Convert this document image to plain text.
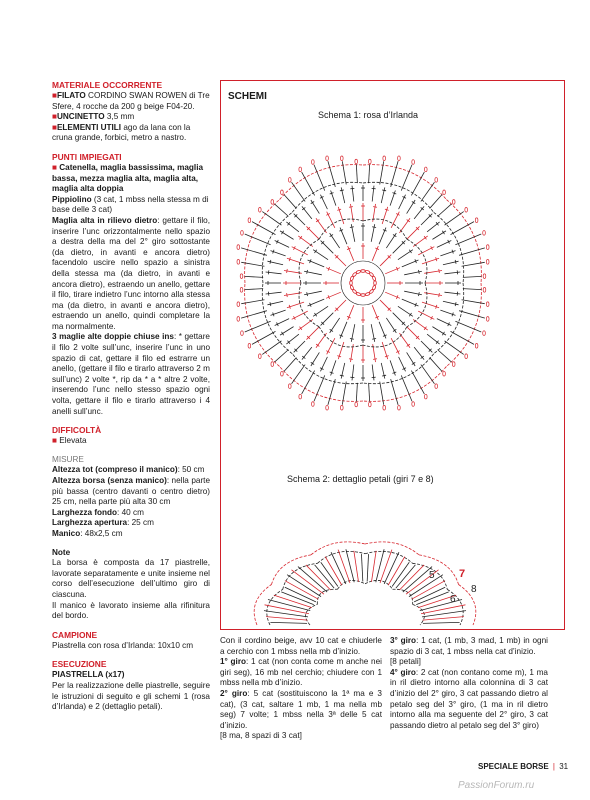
MATERIALE OCCORRENTE

■FILATO CORDINO SWAN ROWEN di Tre Sfere, 4 rocche da 200 g beige F04-20.

■UNCINETTO 3,5 mm

■ELEMENTI UTILI ago da lana con la cruna grande, forbici, metro a nastro.

PUNTI IMPIEGATI

■ Catenella, maglia bassissima, maglia bassa, mezza maglia alta, maglia alta, maglia alta doppia

Pippiolino (3 cat, 1 mbss nella stessa m di base delle 3 cat)

Maglia alta in rilievo dietro: gettare il filo, inserire l’unc orizzontalmente nello spazio a destra della ma del 2° giro sottostante (da dietro, in avanti e ancora dietro) facendolo uscire nello spazio a sinistra della stessa ma (da dietro, in avanti e ancora dietro), estraendo un anello, gettare il filo, tirare indietro l’unc intorno alla stessa ma (da dietro, in avanti e ancora dietro), estraendo un anello, quindi completare la ma normalmente.

3 maglie alte doppie chiuse ins: * gettare il filo 2 volte sull’unc, inserire l’unc in uno spazio di cat, gettare il filo ed estrarre un anello, (gettare il filo e tirarlo attraverso 2 m sull’unc) 2 volte *, rip da * a * altre 2 volte, inserendo l’unc nello stesso spazio ogni volta, gettare il filo e tirarlo attraverso i 4 anelli sull’unc.

DIFFICOLTÀ

■ Elevata

MISURE

Altezza tot (compreso il manico): 50 cm

Altezza borsa (senza manico): nella parte più bassa (centro davanti o centro dietro) 25 cm, nella parte più alta 30 cm

Larghezza fondo: 40 cm

Larghezza apertura: 25 cm

Manico: 48x2,5 cm

Note

La borsa è composta da 17 piastrelle, lavorate separatamente e unite insieme nel corso dell’esecuzione dell’ultimo giro di ciascuna.

Il manico è lavorato insieme alla rifinitura del bordo.

CAMPIONE

Piastrella con rosa d’Irlanda: 10x10 cm

ESECUZIONE

PIASTRELLA (x17)

Per la realizzazione delle piastrelle, seguire le istruzioni di seguito e gli schemi 1 (rosa d’Irlanda) e 2 (dettaglio petali).

SCHEMI
Schema 1: rosa d’Irlanda
5
6
7
8
Schema 2: dettaglio petali (giri 7 e 8)
Con il cordino beige, avv 10 cat e chiuderle a cerchio con 1 mbss nella mb d’inizio.
1° giro: 1 cat (non conta come m anche nei giri seg), 16 mb nel cerchio; chiudere con 1 mbss nella mb d’inizio.
2° giro: 5 cat (sostituiscono la 1ª ma e 3 cat), (3 cat, saltare 1 mb, 1 ma nella mb seg) 7 volte; 1 mbss nella 3ª delle 5 cat d’inizio.
[8 ma, 8 spazi di 3 cat]
3° giro: 1 cat, (1 mb, 3 mad, 1 mb) in ogni spazio di 3 cat, 1 mbss nella cat d’inizio.
[8 petali]
4° giro: 2 cat (non contano come m), 1 ma in ril dietro intorno alla colonnina di 3 cat d’inizio del 2° giro, 3 cat passando dietro al petalo seg del 3° giro, (1 ma in ril dietro intorno alla ma seguente del 2° giro, 3 cat passando dietro al petalo seg del 3° giro)
SPECIALE BORSE | 31
PassionForum.ru
